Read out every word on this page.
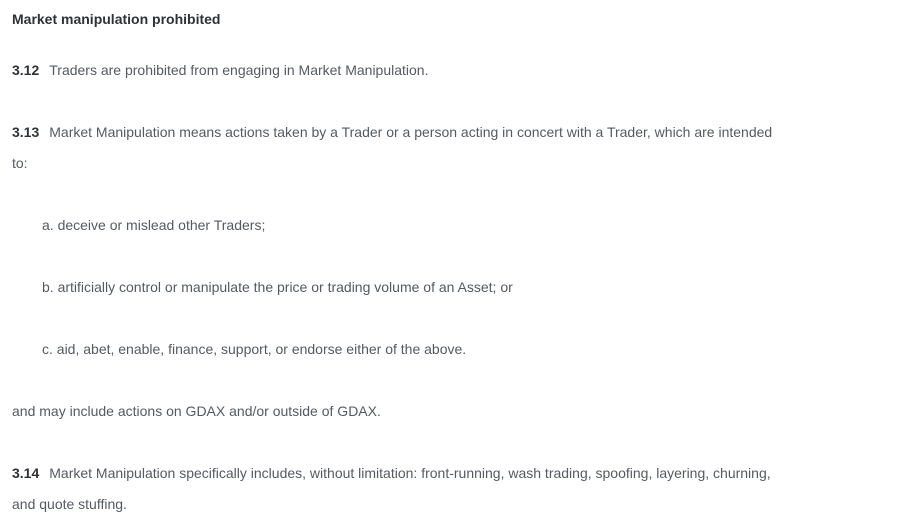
Market manipulation prohibited
3.12 Traders are prohibited from engaging in Market Manipulation.
3.13 Market Manipulation means actions taken by a Trader or a person acting in concert with a Trader, which are intended
to:
a. deceive or mislead other Traders;
b. artificially control or manipulate the price or trading volume of an Asset; or
c. aid, abet, enable, finance, support, or endorse either of the above.
and may include actions on GDAX and/or outside of GDAX.
3.14 Market Manipulation specifically includes, without limitation: front-running, wash trading, spoofing, layering, churning,
and quote stuffing.
